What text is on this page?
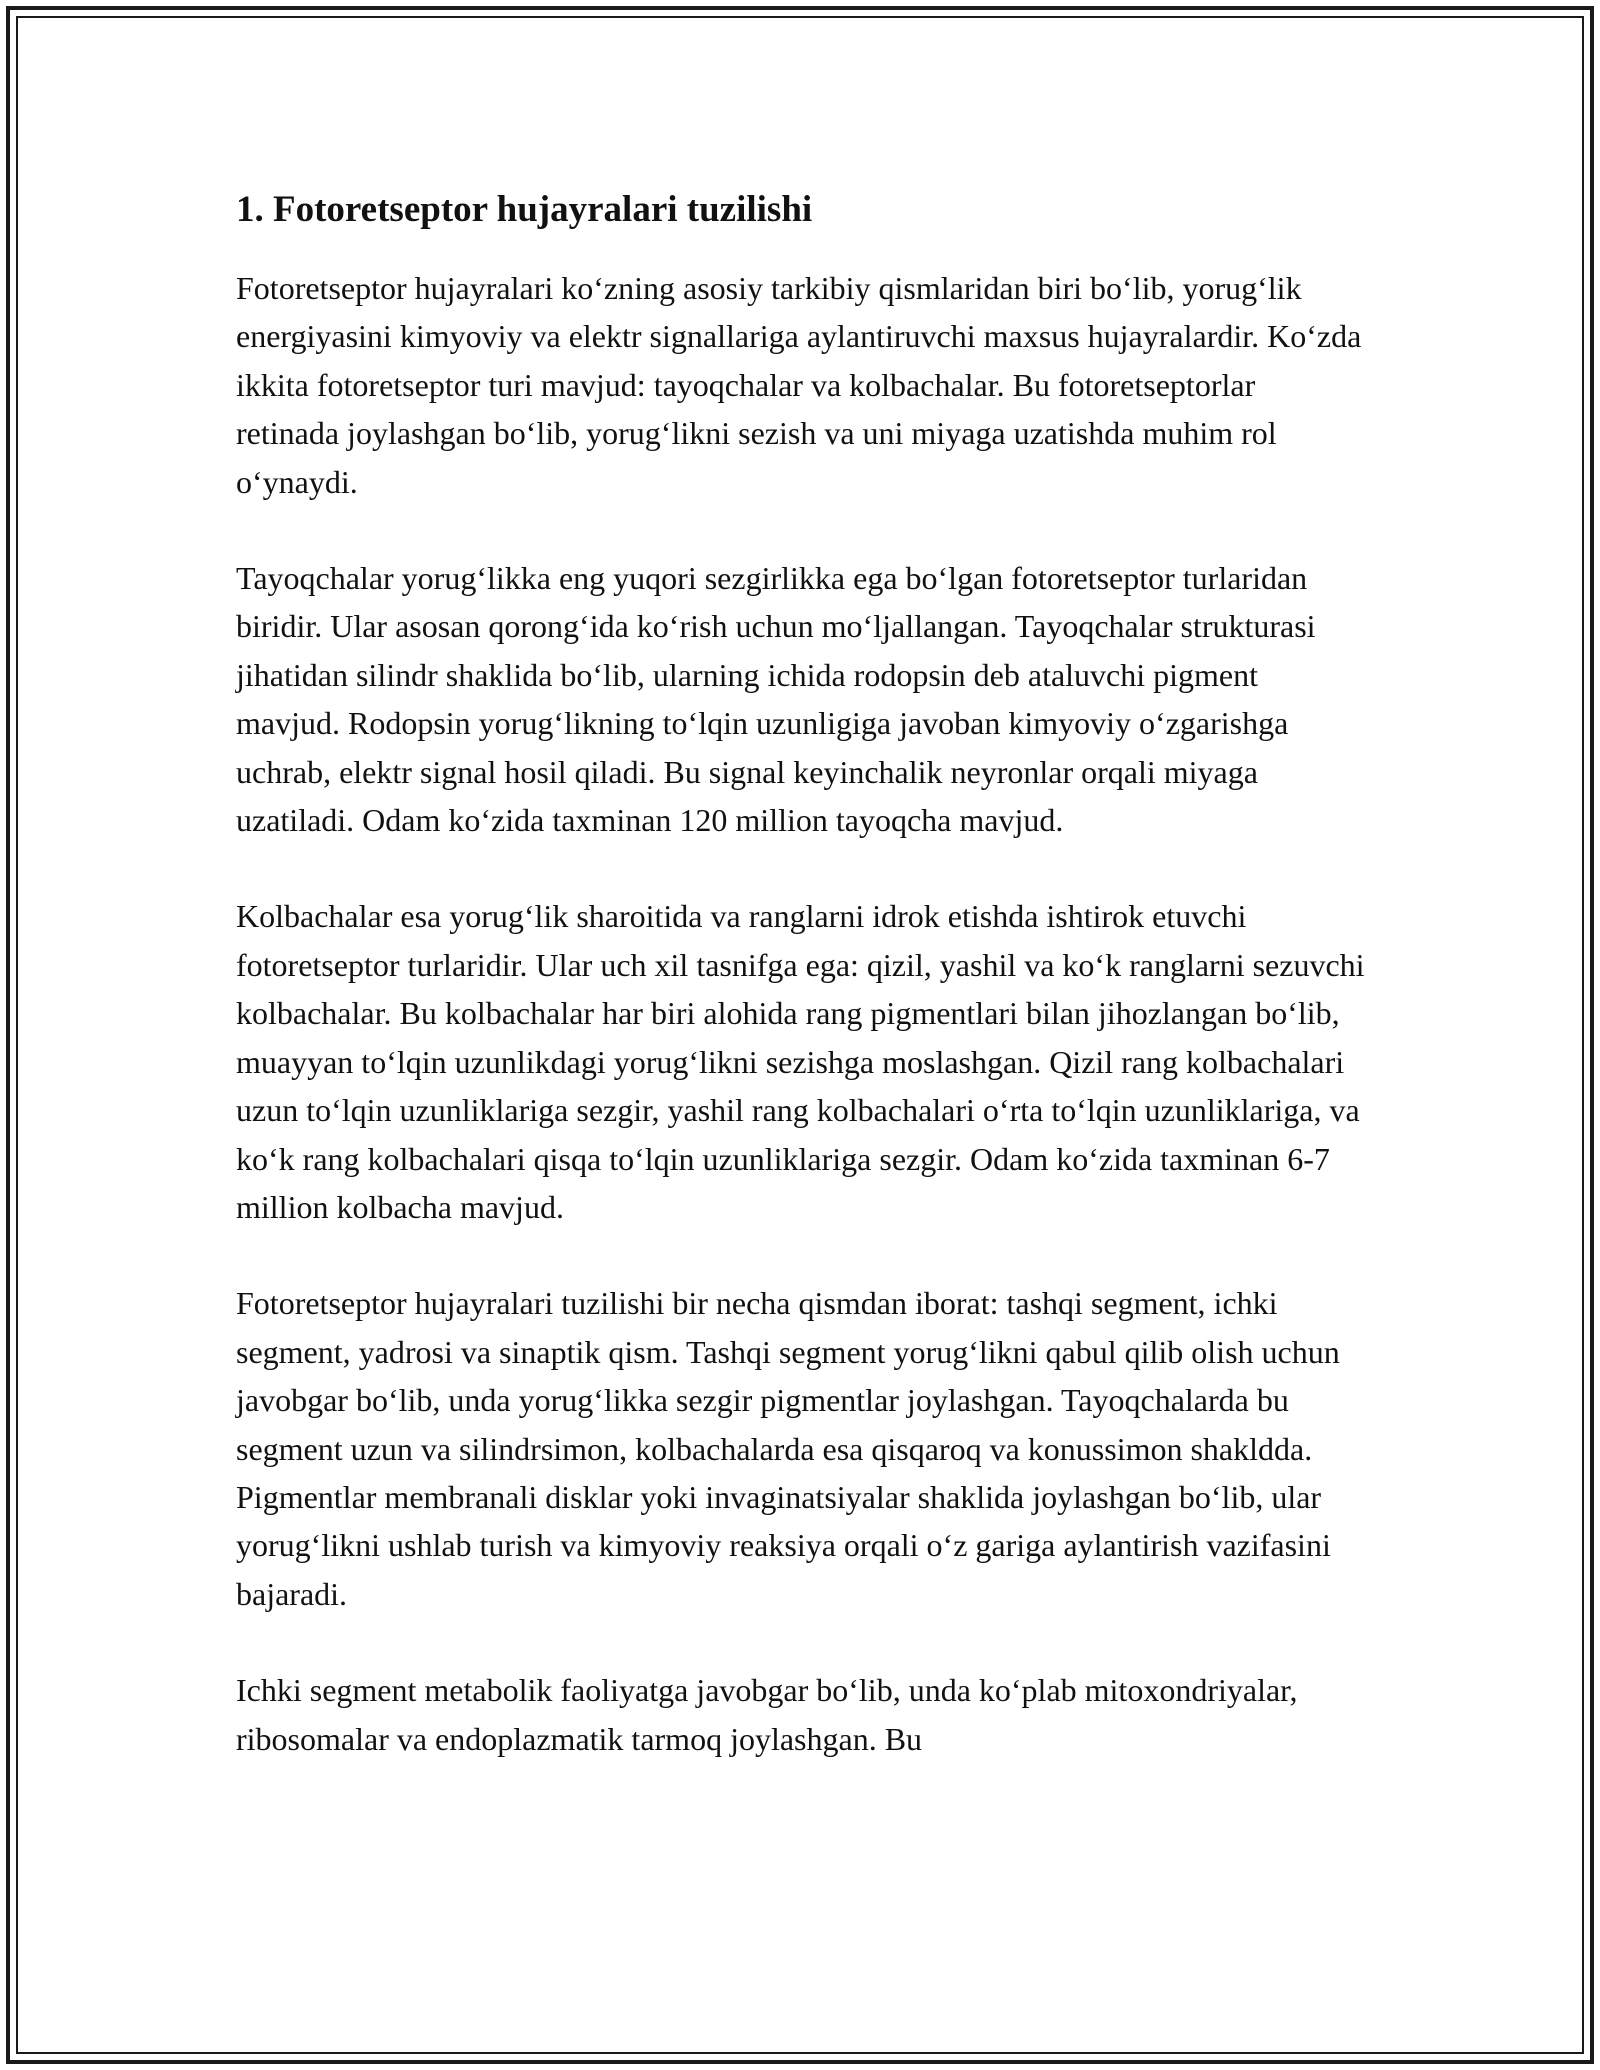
1. Fotoretseptor hujayralari tuzilishi

Fotoretseptor hujayralari koʻzning asosiy tarkibiy qismlaridan biri boʻlib, yorugʻlik energiyasini kimyoviy va elektr signallariga aylantiruvchi maxsus hujayralardir. Koʻzda ikkita fotoretseptor turi mavjud: tayoqchalar va kolbachalar. Bu fotoretseptorlar retinada joylashgan boʻlib, yorugʻlikni sezish va uni miyaga uzatishda muhim rol oʻynaydi.

Tayoqchalar yorugʻlikka eng yuqori sezgirlikka ega boʻlgan fotoretseptor turlaridan biridir. Ular asosan qorongʻida koʻrish uchun moʻljallangan. Tayoqchalar strukturasi jihatidan silindr shaklida boʻlib, ularning ichida rodopsin deb ataluvchi pigment mavjud. Rodopsin yorugʻlikning toʻlqin uzunligiga javoban kimyoviy oʻzgarishga uchrab, elektr signal hosil qiladi. Bu signal keyinchalik neyronlar orqali miyaga uzatiladi. Odam koʻzida taxminan 120 million tayoqcha mavjud.

Kolbachalar esa yorugʻlik sharoitida va ranglarni idrok etishda ishtirok etuvchi fotoretseptor turlaridir. Ular uch xil tasnifga ega: qizil, yashil va koʻk ranglarni sezuvchi kolbachalar. Bu kolbachalar har biri alohida rang pigmentlari bilan jihozlangan boʻlib, muayyan toʻlqin uzunlikdagi yorugʻlikni sezishga moslashgan. Qizil rang kolbachalari uzun toʻlqin uzunliklariga sezgir, yashil rang kolbachalari oʻrta toʻlqin uzunliklariga, va koʻk rang kolbachalari qisqa toʻlqin uzunliklariga sezgir. Odam koʻzida taxminan 6-7 million kolbacha mavjud.

Fotoretseptor hujayralari tuzilishi bir necha qismdan iborat: tashqi segment, ichki segment, yadrosi va sinaptik qism. Tashqi segment yorugʻlikni qabul qilib olish uchun javobgar boʻlib, unda yorugʻlikka sezgir pigmentlar joylashgan. Tayoqchalarda bu segment uzun va silindrsimon, kolbachalarda esa qisqaroq va konussimon shakldda. Pigmentlar membranali disklar yoki invaginatsiyalar shaklida joylashgan boʻlib, ular yorugʻlikni ushlab turish va kimyoviy reaksiya orqali oʻz gariga aylantirish vazifasini bajaradi.

Ichki segment metabolik faoliyatga javobgar boʻlib, unda koʻplab mitoxondriyalar, ribosomalar va endoplazmatik tarmoq joylashgan. Bu
